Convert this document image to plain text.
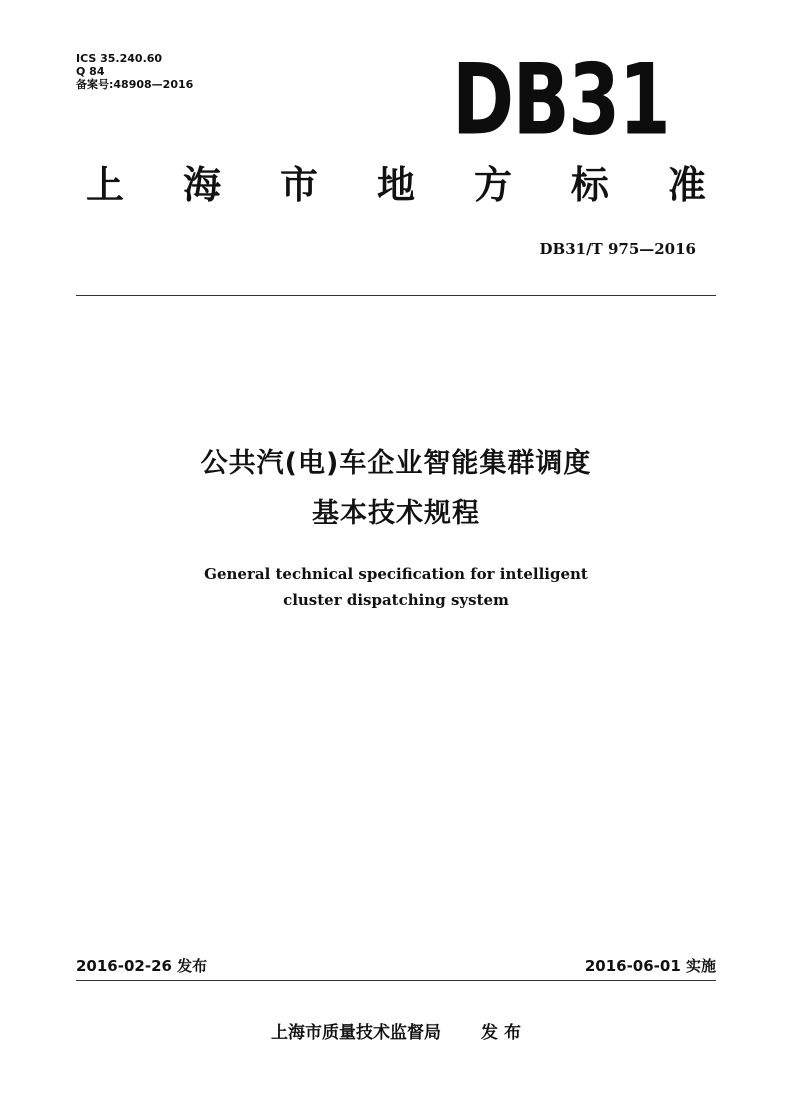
ICS 35.240.60
Q 84
备案号:48908—2016	DB31
上 海 市 地 方 标 准
DB31/T 975—2016
公共汽(电)车企业智能集群调度
基本技术规程
General technical specification for intelligent
cluster dispatching system
2016-02-26 发布	2016-06-01 实施
上海市质量技术监督局 发 布
